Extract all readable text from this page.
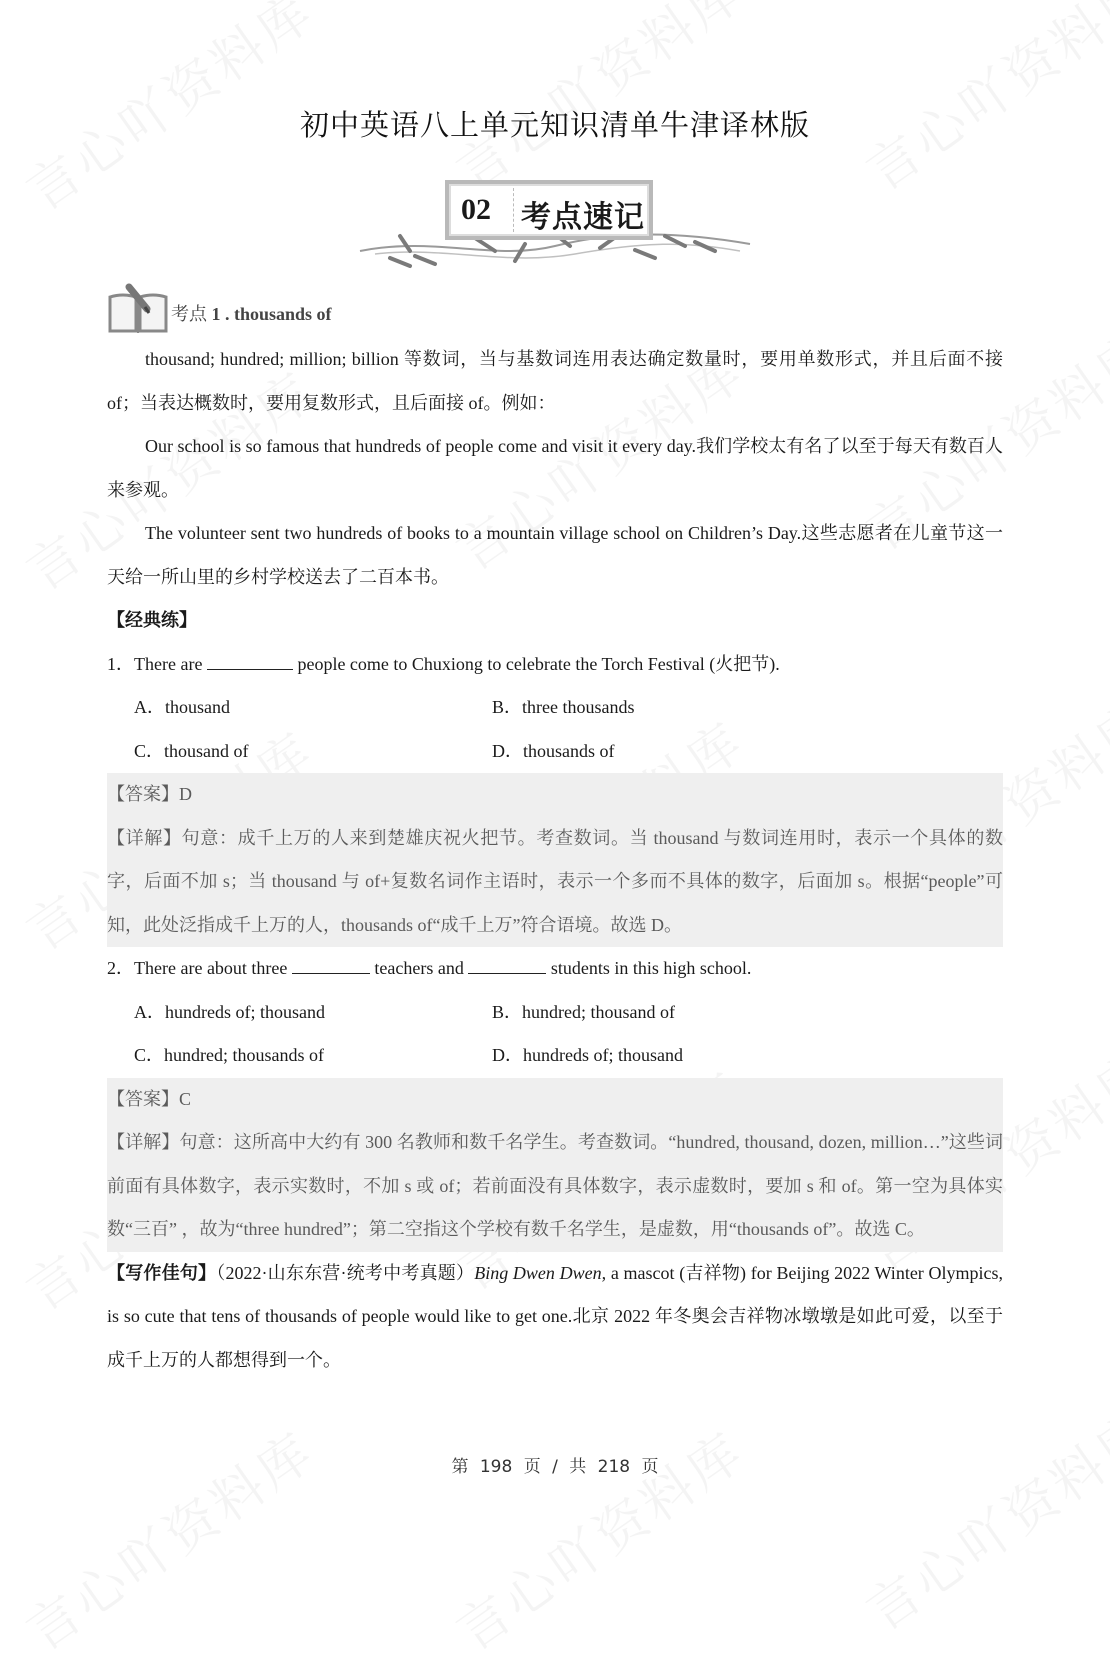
初中英语八上单元知识清单牛津译林版
02 考点速记
考点 1 . thousands of

thousand; hundred; million; billion 等数词，当与基数词连用表达确定数量时，要用单数形式，并且后面不接 of；当表达概数时，要用复数形式，且后面接 of。例如：

Our school is so famous that hundreds of people come and visit it every day.我们学校太有名了以至于每天有数百人来参观。

The volunteer sent two hundreds of books to a mountain village school on Children’s Day.这些志愿者在儿童节这一天给一所山里的乡村学校送去了二百本书。

【经典练】

1．There are	people come to Chuxiong to celebrate the Torch Festival (火把节).

A．thousand	B．three thousands
C．thousand of	D．thousands of

【答案】D

【详解】句意：成千上万的人来到楚雄庆祝火把节。考查数词。当 thousand 与数词连用时，表示一个具体的数字，后面不加 s；当 thousand 与 of+复数名词作主语时，表示一个多而不具体的数字，后面加 s。根据“people”可知，此处泛指成千上万的人，thousands of“成千上万”符合语境。故选 D。

2．There are about three	teachers and	students in this high school.

A．hundreds of; thousand	B．hundred; thousand of
C．hundred; thousands of	D．hundreds of; thousand

【答案】C

【详解】句意：这所高中大约有 300 名教师和数千名学生。考查数词。“hundred, thousand, dozen, million…”这些词前面有具体数字，表示实数时，不加 s 或 of；若前面没有具体数字，表示虚数时，要加 s 和 of。第一空为具体实数“三百” ，故为“three hundred”；第二空指这个学校有数千名学生，是虚数，用“thousands of”。故选 C。

【写作佳句】（2022·山东东营·统考中考真题）Bing Dwen Dwen, a mascot (吉祥物) for Beijing 2022 Winter Olympics, is so cute that tens of thousands of people would like to get one.北京 2022 年冬奥会吉祥物冰墩墩是如此可爱，以至于成千上万的人都想得到一个。

第 198 页 / 共 218 页
